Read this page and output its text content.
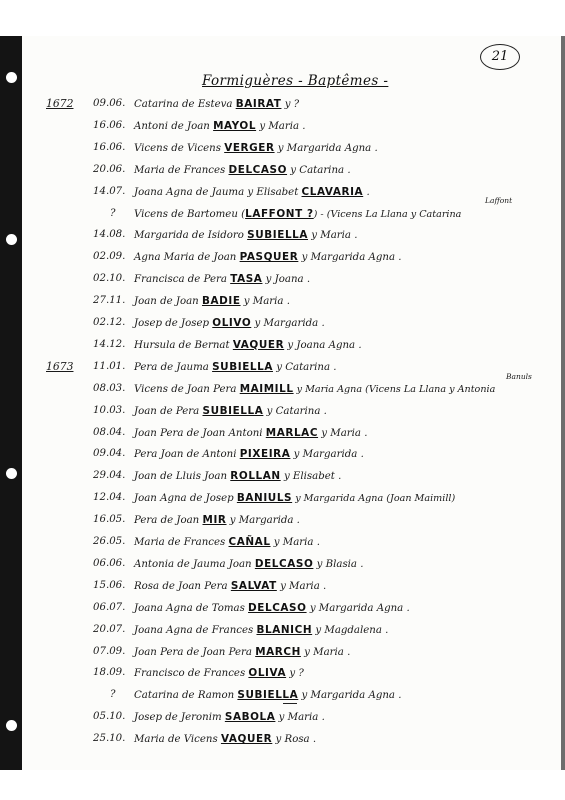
21
Formiguères - Baptêmes -
1672	09.06. Catarina de Esteva BAIRAT y ?
16.06. Antoni de Joan MAYOL y Maria .
16.06. Vicens de Vicens VERGER y Margarida Agna .
20.06. Maria de Frances DELCASO y Catarina .
14.07. Joana Agna de Jauma y Elisabet CLAVARIA .
?	Vicens de Bartomeu (LAFFONT ?) - (Vicens La Llana y Catarina
14.08. Margarida de Isidoro SUBIELLA y Maria .
02.09. Agna Maria de Joan PASQUER y Margarida Agna .
02.10. Francisca de Pera TASA y Joana .
27.11. Joan de Joan BADIE y Maria .
02.12. Josep de Josep OLIVO y Margarida .
14.12. Hursula de Bernat VAQUER y Joana Agna .
1673	11.01. Pera de Jauma SUBIELLA y Catarina .
08.03. Vicens de Joan Pera MAIMILL y Maria Agna (Vicens La Llana y Antonia
10.03. Joan de Pera SUBIELLA y Catarina .
08.04. Joan Pera de Joan Antoni MARLAC y Maria .
09.04. Pera Joan de Antoni PIXEIRA y Margarida .
29.04. Joan de Lluis Joan ROLLAN y Elisabet .
12.04. Joan Agna de Josep BANIULS y Margarida Agna (Joan Maimill)
16.05. Pera de Joan MIR y Margarida .
26.05. Maria de Frances CAÑAL y Maria .
06.06. Antonia de Jauma Joan DELCASO y Blasia .
15.06. Rosa de Joan Pera SALVAT y Maria .
06.07. Joana Agna de Tomas DELCASO y Margarida Agna .
20.07. Joana Agna de Frances BLANICH y Magdalena .
07.09. Joan Pera de Joan Pera MARCH y Maria .
18.09. Francisco de Frances OLIVA y ?
?	Catarina de Ramon SUBIELLA y Margarida Agna .
05.10. Josep de Jeronim SABOLA y Maria .
25.10. Maria de Vicens VAQUER y Rosa .
Laffont
Banuls
